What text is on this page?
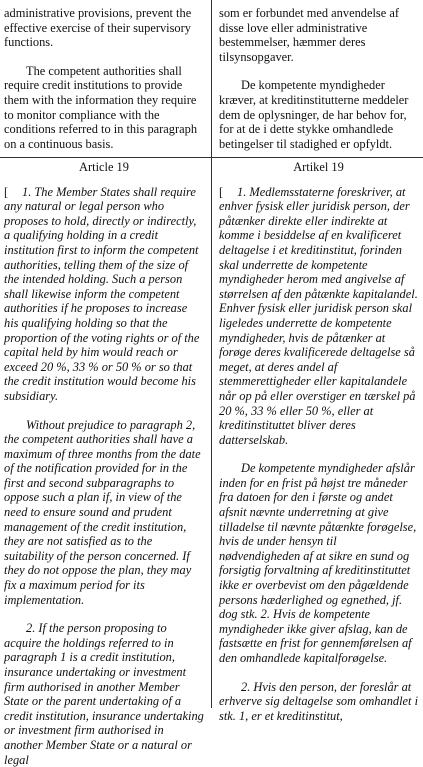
administrative provisions, prevent the effective exercise of their supervisory functions.

The competent authorities shall require credit institutions to provide them with the information they require to monitor compliance with the conditions referred to in this paragraph on a continuous basis.

som er forbundet med anvendelse af disse love eller administrative bestemmelser, hæmmer deres tilsynsopgaver.

De kompetente myndigheder kræver, at kreditinstitutterne meddeler dem de oplysninger, de har behov for, for at de i dette stykke omhandlede betingelser til stadighed er opfyldt.

Article 19

[ 1. The Member States shall require any natural or legal person who proposes to hold, directly or indirectly, a qualifying holding in a credit institution first to inform the competent authorities, telling them of the size of the intended holding. Such a person shall likewise inform the competent authorities if he proposes to increase his qualifying holding so that the proportion of the voting rights or of the capital held by him would reach or exceed 20 %, 33 % or 50 % or so that the credit institution would become his subsidiary.

Without prejudice to paragraph 2, the competent authorities shall have a maximum of three months from the date of the notification provided for in the first and second subparagraphs to oppose such a plan if, in view of the need to ensure sound and prudent management of the credit institution, they are not satisfied as to the suitability of the person concerned. If they do not oppose the plan, they may fix a maximum period for its implementation.

2. If the person proposing to acquire the holdings referred to in paragraph 1 is a credit institution, insurance undertaking or investment firm authorised in another Member State or the parent undertaking of a credit institution, insurance undertaking or investment firm authorised in another Member State or a natural or legal

Artikel 19

[ 1. Medlemsstaterne foreskriver, at enhver fysisk eller juridisk person, der påtænker direkte eller indirekte at komme i besiddelse af en kvalificeret deltagelse i et kreditinstitut, forinden skal underrette de kompetente myndigheder herom med angivelse af størrelsen af den påtænkte kapitalandel. Enhver fysisk eller juridisk person skal ligeledes underrette de kompetente myndigheder, hvis de påtænker at forøge deres kvalificerede deltagelse så meget, at deres andel af stemmerettigheder eller kapitalandele når op på eller overstiger en tærskel på 20 %, 33 % eller 50 %, eller at kreditinstituttet bliver deres datterselskab.

De kompetente myndigheder afslår inden for en frist på højst tre måneder fra datoen for den i første og andet afsnit nævnte underretning at give tilladelse til nævnte påtænkte forøgelse, hvis de under hensyn til nødvendigheden af at sikre en sund og forsigtig forvaltning af kreditinstituttet ikke er overbevist om den pågældende persons hæderlighed og egnethed, jf. dog stk. 2. Hvis de kompetente myndigheder ikke giver afslag, kan de fastsætte en frist for gennemførelsen af den omhandlede kapitalforøgelse.

2. Hvis den person, der foreslår at erhverve sig deltagelse som omhandlet i stk. 1, er et kreditinstitut,
